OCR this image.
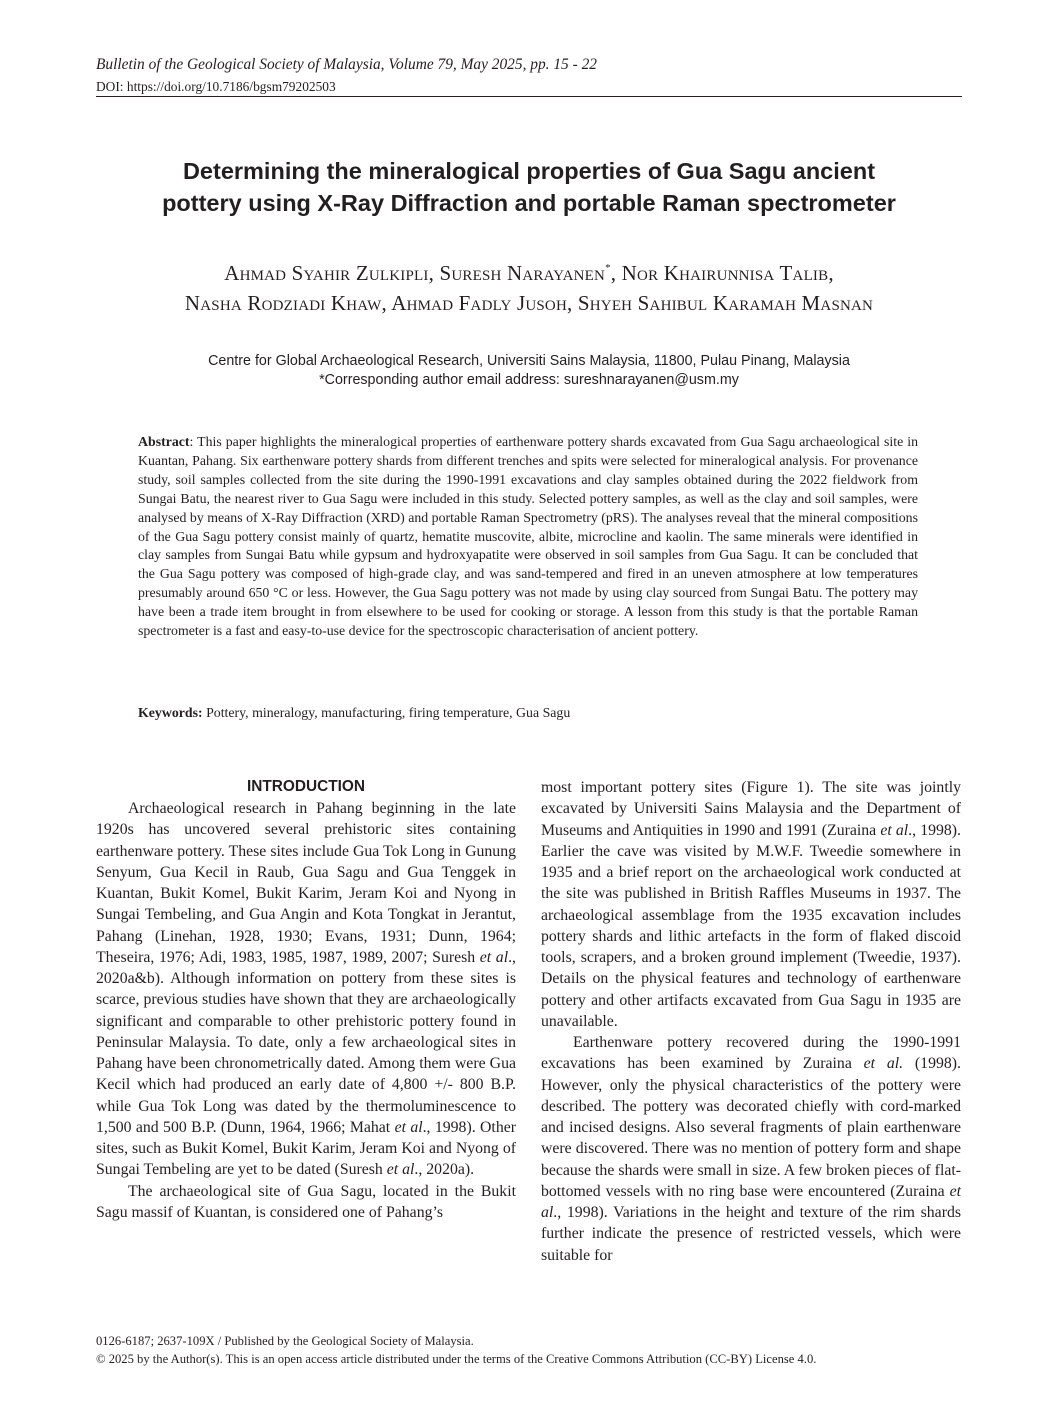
Bulletin of the Geological Society of Malaysia, Volume 79, May 2025, pp. 15 - 22
DOI: https://doi.org/10.7186/bgsm79202503
Determining the mineralogical properties of Gua Sagu ancient
pottery using X-Ray Diffraction and portable Raman spectrometer
Ahmad Syahir Zulkipli, Suresh Narayanen*, Nor Khairunnisa Talib,
Nasha Rodziadi Khaw, Ahmad Fadly Jusoh, Shyeh Sahibul Karamah Masnan
Centre for Global Archaeological Research, Universiti Sains Malaysia, 11800, Pulau Pinang, Malaysia
*Corresponding author email address: sureshnarayanen@usm.my
Abstract: This paper highlights the mineralogical properties of earthenware pottery shards excavated from Gua Sagu archaeological site in Kuantan, Pahang. Six earthenware pottery shards from different trenches and spits were selected for mineralogical analysis. For provenance study, soil samples collected from the site during the 1990-1991 excavations and clay samples obtained during the 2022 fieldwork from Sungai Batu, the nearest river to Gua Sagu were included in this study. Selected pottery samples, as well as the clay and soil samples, were analysed by means of X-Ray Diffraction (XRD) and portable Raman Spectrometry (pRS). The analyses reveal that the mineral compositions of the Gua Sagu pottery consist mainly of quartz, hematite muscovite, albite, microcline and kaolin. The same minerals were identified in clay samples from Sungai Batu while gypsum and hydroxyapatite were observed in soil samples from Gua Sagu. It can be concluded that the Gua Sagu pottery was composed of high-grade clay, and was sand-tempered and fired in an uneven atmosphere at low temperatures presumably around 650 °C or less. However, the Gua Sagu pottery was not made by using clay sourced from Sungai Batu. The pottery may have been a trade item brought in from elsewhere to be used for cooking or storage. A lesson from this study is that the portable Raman spectrometer is a fast and easy-to-use device for the spectroscopic characterisation of ancient pottery.
Keywords: Pottery, mineralogy, manufacturing, firing temperature, Gua Sagu
INTRODUCTION

Archaeological research in Pahang beginning in the late 1920s has uncovered several prehistoric sites containing earthenware pottery. These sites include Gua Tok Long in Gunung Senyum, Gua Kecil in Raub, Gua Sagu and Gua Tenggek in Kuantan, Bukit Komel, Bukit Karim, Jeram Koi and Nyong in Sungai Tembeling, and Gua Angin and Kota Tongkat in Jerantut, Pahang (Linehan, 1928, 1930; Evans, 1931; Dunn, 1964; Theseira, 1976; Adi, 1983, 1985, 1987, 1989, 2007; Suresh et al., 2020a&b). Although information on pottery from these sites is scarce, previous studies have shown that they are archaeologically significant and comparable to other prehistoric pottery found in Peninsular Malaysia. To date, only a few archaeological sites in Pahang have been chronometrically dated. Among them were Gua Kecil which had produced an early date of 4,800 +/- 800 B.P. while Gua Tok Long was dated by the thermoluminescence to 1,500 and 500 B.P. (Dunn, 1964, 1966; Mahat et al., 1998). Other sites, such as Bukit Komel, Bukit Karim, Jeram Koi and Nyong of Sungai Tembeling are yet to be dated (Suresh et al., 2020a).

The archaeological site of Gua Sagu, located in the Bukit Sagu massif of Kuantan, is considered one of Pahang’s

most important pottery sites (Figure 1). The site was jointly excavated by Universiti Sains Malaysia and the Department of Museums and Antiquities in 1990 and 1991 (Zuraina et al., 1998). Earlier the cave was visited by M.W.F. Tweedie somewhere in 1935 and a brief report on the archaeological work conducted at the site was published in British Raffles Museums in 1937. The archaeological assemblage from the 1935 excavation includes pottery shards and lithic artefacts in the form of flaked discoid tools, scrapers, and a broken ground implement (Tweedie, 1937). Details on the physical features and technology of earthenware pottery and other artifacts excavated from Gua Sagu in 1935 are unavailable.

Earthenware pottery recovered during the 1990-1991 excavations has been examined by Zuraina et al. (1998). However, only the physical characteristics of the pottery were described. The pottery was decorated chiefly with cord-marked and incised designs. Also several fragments of plain earthenware were discovered. There was no mention of pottery form and shape because the shards were small in size. A few broken pieces of flat-bottomed vessels with no ring base were encountered (Zuraina et al., 1998). Variations in the height and texture of the rim shards further indicate the presence of restricted vessels, which were suitable for

0126-6187; 2637-109X / Published by the Geological Society of Malaysia.
© 2025 by the Author(s). This is an open access article distributed under the terms of the Creative Commons Attribution (CC-BY) License 4.0.
